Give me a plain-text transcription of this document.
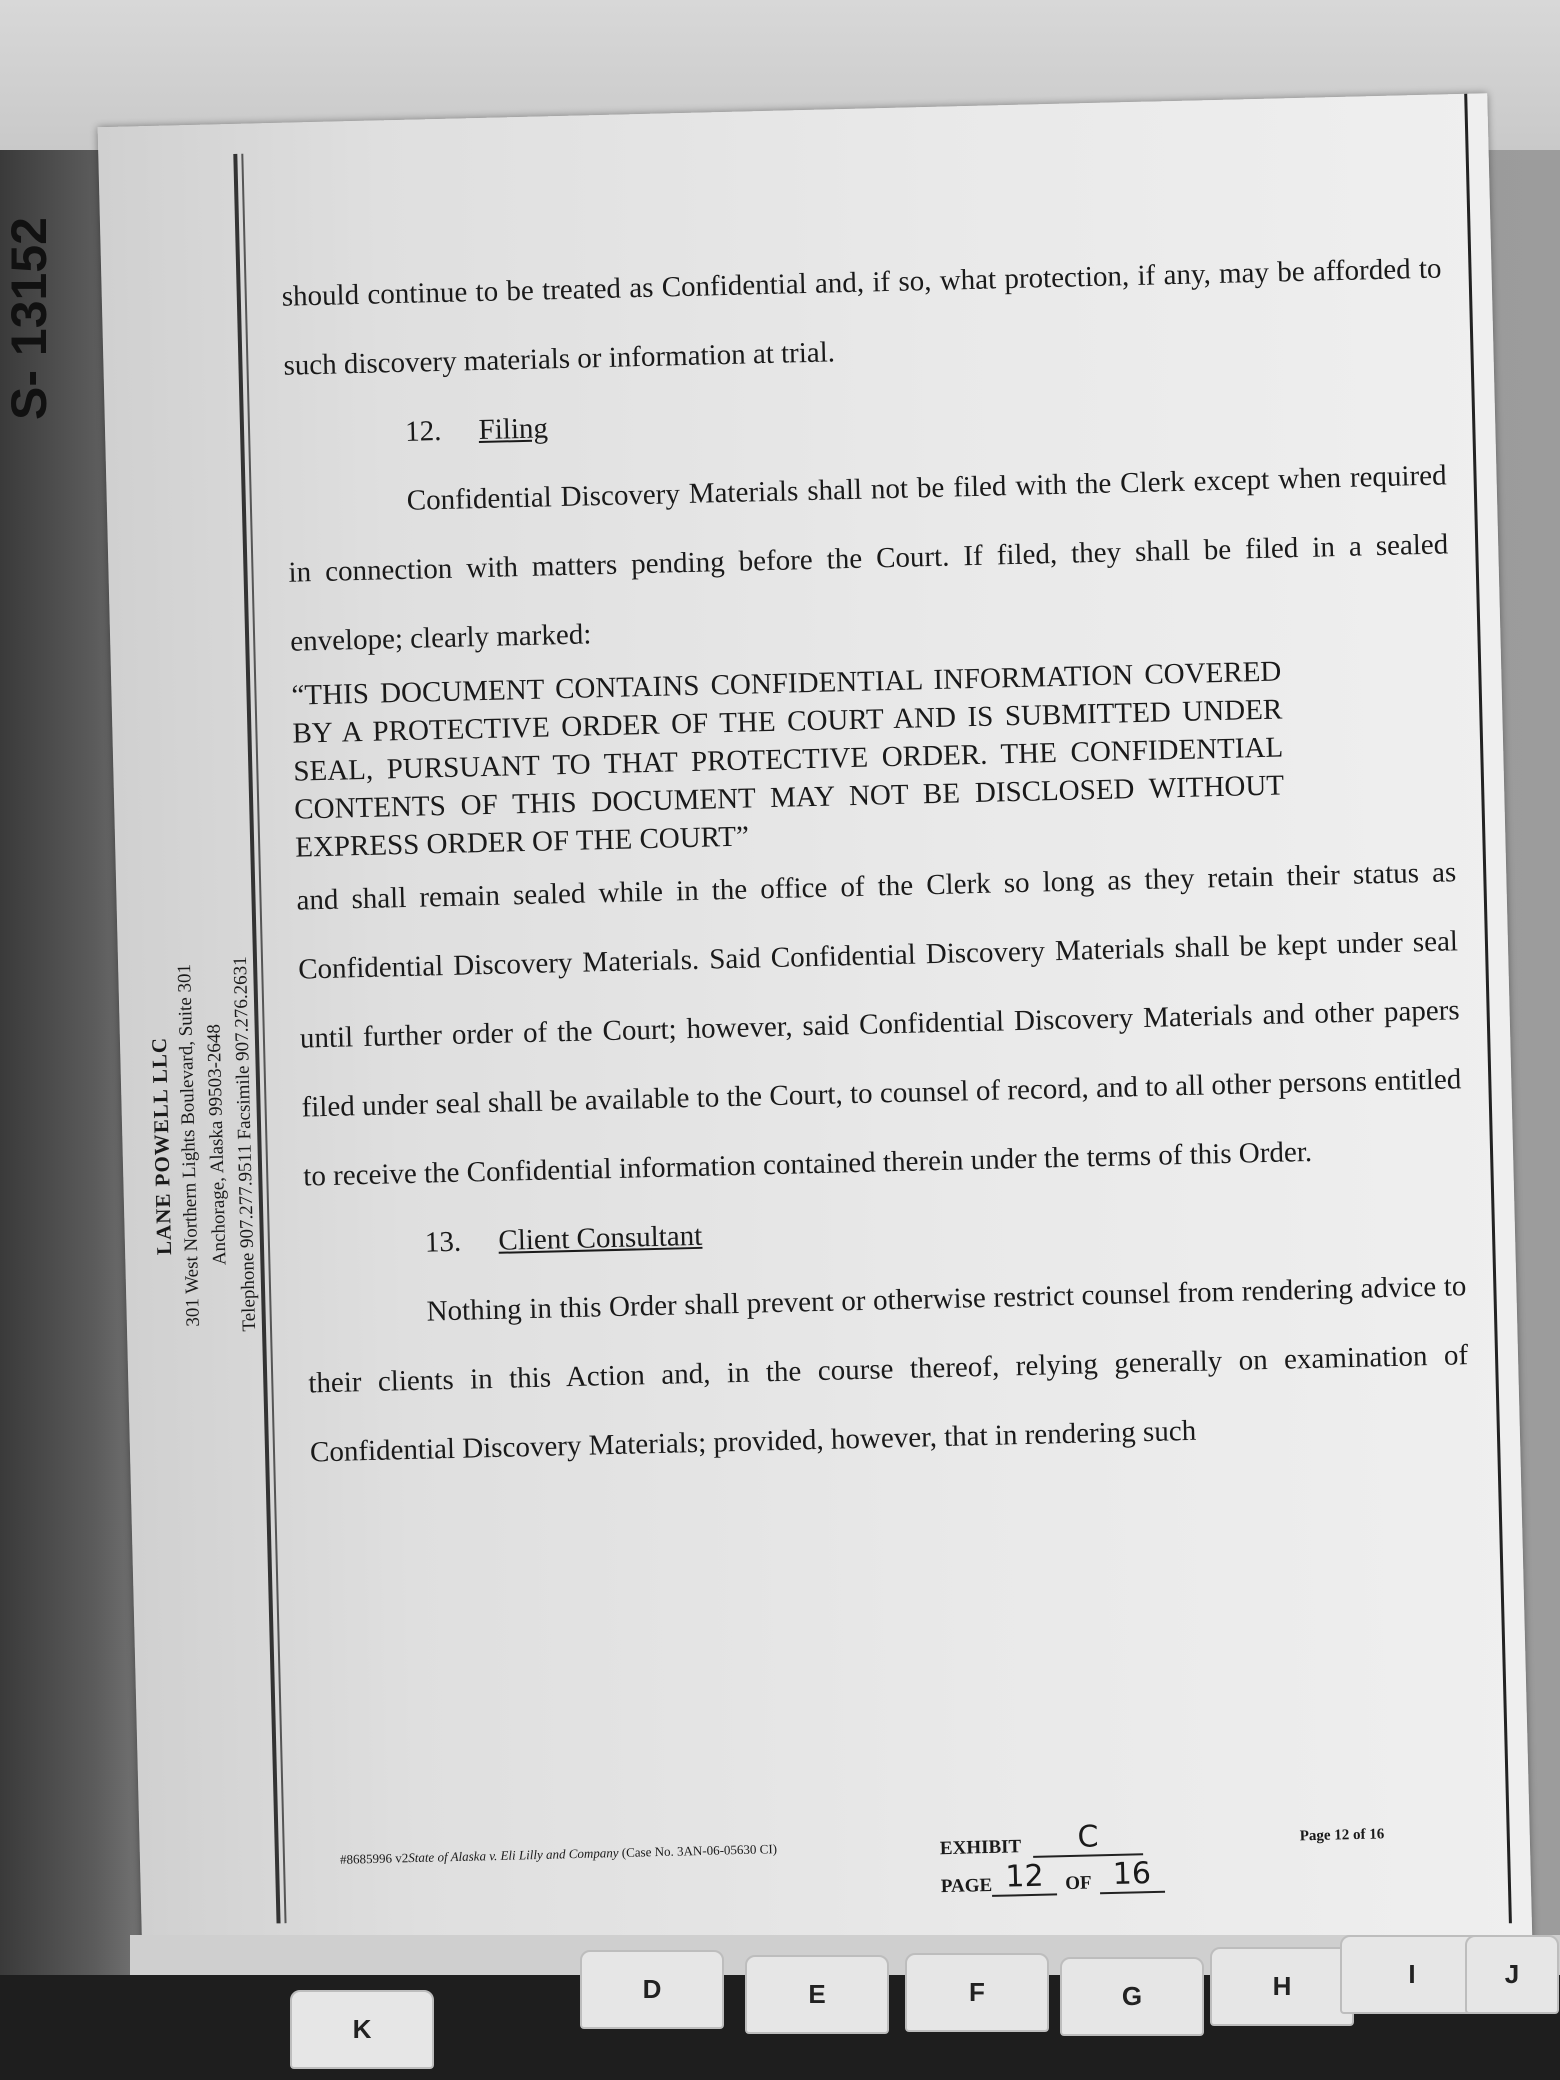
S- 13152
LANE POWELL LLC
301 West Northern Lights Boulevard, Suite 301 Anchorage, Alaska 99503-2648 Telephone 907.277.9511 Facsimile 907.276.2631

should continue to be treated as Confidential and, if so, what protection, if any, may be afforded to such discovery materials or information at trial.

12. Filing

Confidential Discovery Materials shall not be filed with the Clerk except when required in connection with matters pending before the Court. If filed, they shall be filed in a sealed envelope; clearly marked:

“THIS DOCUMENT CONTAINS CONFIDENTIAL INFORMATION COVERED BY A PROTECTIVE ORDER OF THE COURT AND IS SUBMITTED UNDER SEAL, PURSUANT TO THAT PROTECTIVE ORDER. THE CONFIDENTIAL CONTENTS OF THIS DOCUMENT MAY NOT BE DISCLOSED WITHOUT EXPRESS ORDER OF THE COURT”

and shall remain sealed while in the office of the Clerk so long as they retain their status as Confidential Discovery Materials. Said Confidential Discovery Materials shall be kept under seal until further order of the Court; however, said Confidential Discovery Materials and other papers filed under seal shall be available to the Court, to counsel of record, and to all other persons entitled to receive the Confidential information contained therein under the terms of this Order.

13. Client Consultant

Nothing in this Order shall prevent or otherwise restrict counsel from rendering advice to their clients in this Action and, in the course thereof, relying generally on examination of Confidential Discovery Materials; provided, however, that in rendering such

#8685996 v2State of Alaska v. Eli Lilly and Company (Case No. 3AN-06-05630 CI)	EXHIBIT	C
PAGE 12	OF 16
Page 12 of 16
K
D	E	F	G	H	I	J
